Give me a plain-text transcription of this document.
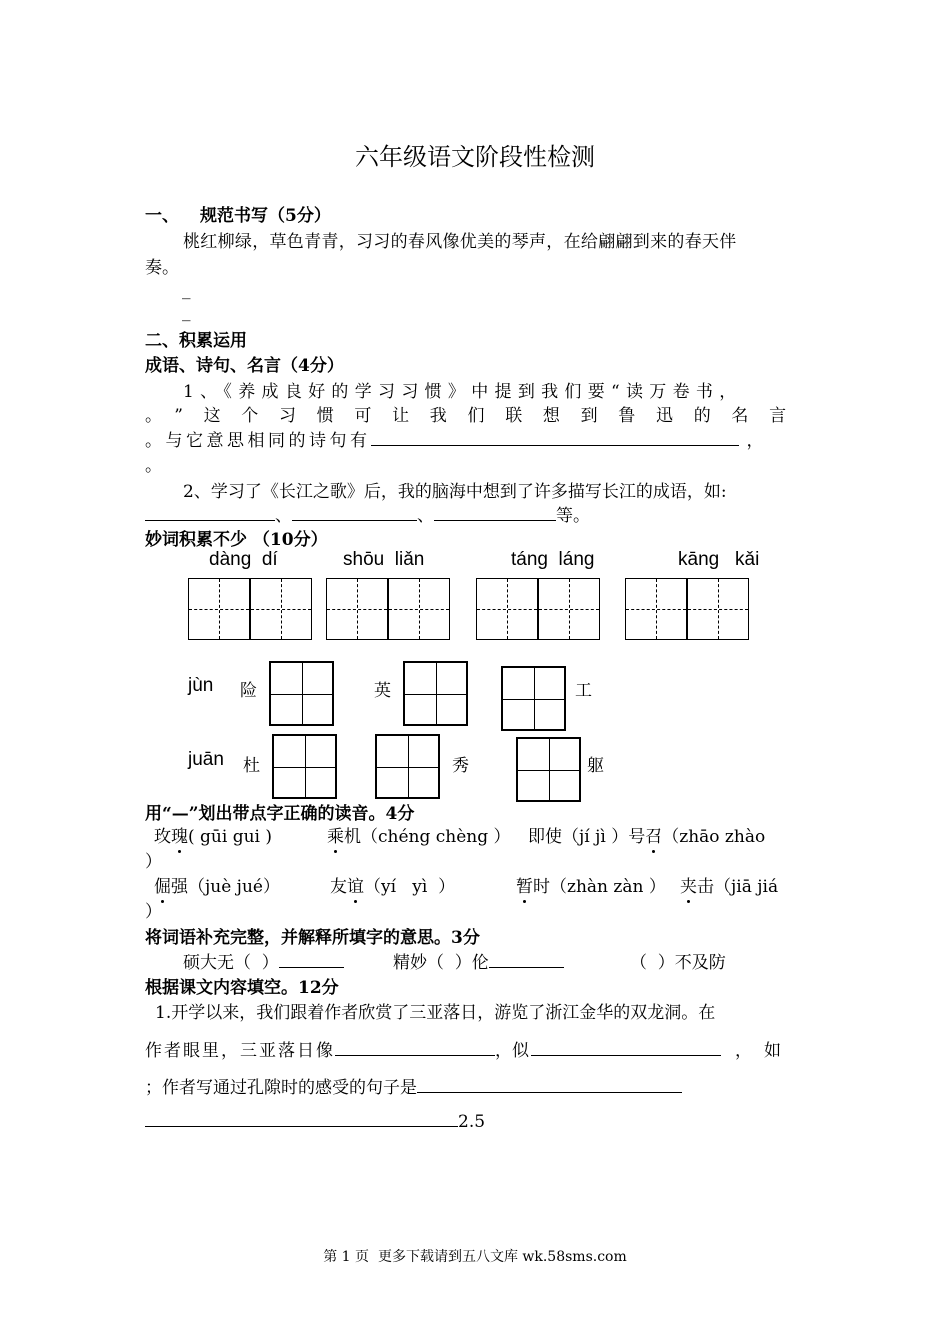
六年级语文阶段性检测
一、 规范书写（5分）
桃红柳绿，草色青青，习习的春风像优美的琴声，在给翩翩到来的春天伴
奏。
_
_
二、积累运用
成语、诗句、名言（4分）
1、《养成良好的学习习惯》中提到我们要“读万卷书，
。”这个习惯可让我们联想到鲁迅的名言
。与它意思相同的诗句有	，
。
2、学习了《长江之歌》后，我的脑海中想到了许多描写长江的成语，如:
、	、	等。
妙词积累不少 （10分）
dàng  dí	shōu  liǎn	táng  láng	kāng   kǎi
jùn 险	英	工
juān 杜	秀	躯
用“—”划出带点字正确的读音。4分
玫瑰( gūi gui )	乘机（chéng chèng ） 即使（jí jì ）号召（zhāo zhào
）
倔强（juè jué）	友谊（yí   yì  ）	暂时（zhàn zàn ） 夹击（jiā jiá
）
将词语补充完整，并解释所填字的意思。3分
硕大无（  ）	精妙（  ）伦	（  ）不及防
根据课文内容填空。12分
1.开学以来，我们跟着作者欣赏了三亚落日，游览了浙江金华的双龙洞。在
作者眼里，三亚落日像	，似	，如
；作者写通过孔隙时的感受的句子是
2.5
第 1 页  更多下载请到五八文库 wk.58sms.com
